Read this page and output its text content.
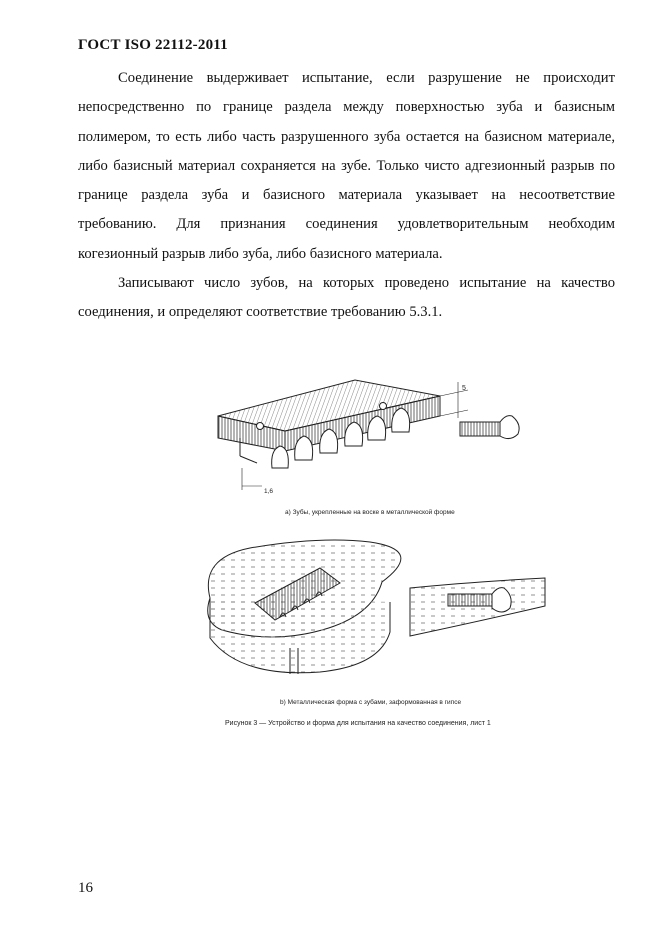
ГОСТ ISO 22112-2011

Соединение выдерживает испытание, если разрушение не происходит непосредственно по границе раздела между поверхностью зуба и базисным полимером, то есть либо часть разрушенного зуба остается на базисном материале, либо базисный материал сохраняется на зубе. Только чисто адгезионный разрыв по границе раздела зуба и базисного материала указывает на несоответствие требованию. Для признания соединения удовлетворительным необходим когезионный разрыв либо зуба, либо базисного материала.

Записывают число зубов, на которых проведено испытание на качество соединения, и определяют соответствие требованию 5.3.1.

5
1,6
а) Зубы, укрепленные на воске в металлической форме
b) Металлическая форма с зубами, заформованная в гипсе
Рисунок 3 — Устройство и форма для испытания на качество соединения, лист 1
16
